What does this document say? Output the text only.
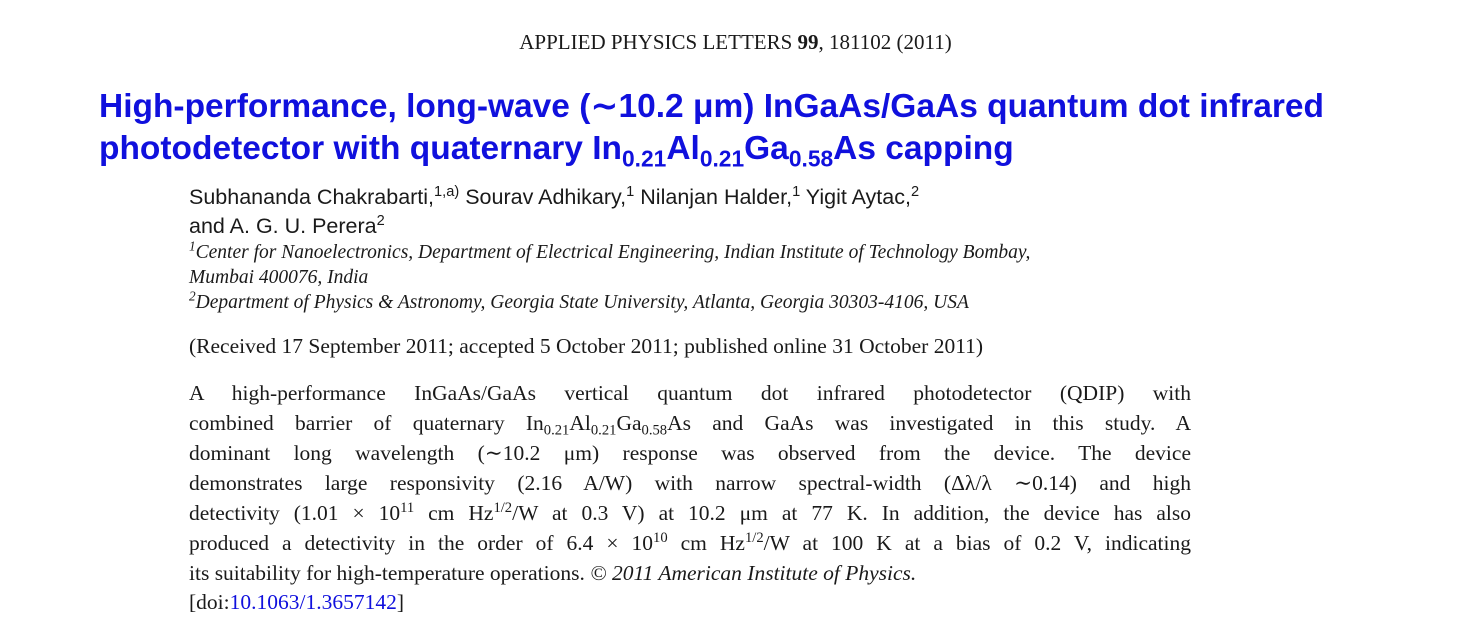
APPLIED PHYSICS LETTERS 99, 181102 (2011)
High-performance, long-wave (∼10.2 μm) InGaAs/GaAs quantum dot infrared
photodetector with quaternary $In_{0.21}Al_{0.21}Ga_{0.58}As$ capping
Subhananda Chakrabarti,$^{1,a)}$ Sourav Adhikary,$^1$ Nilanjan Halder,$^1$ Yigit Aytac,$^2$
and A. G. U. Perera$^2$
$^1$Center for Nanoelectronics, Department of Electrical Engineering, Indian Institute of Technology Bombay,
Mumbai 400076, India
$^2$Department of Physics & Astronomy, Georgia State University, Atlanta, Georgia 30303-4106, USA
(Received 17 September 2011; accepted 5 October 2011; published online 31 October 2011)
A high-performance InGaAs/GaAs vertical quantum dot infrared photodetector (QDIP) with
combined barrier of quaternary $In_{0.21}Al_{0.21}Ga_{0.58}As$ and GaAs was investigated in this study. A
dominant long wavelength (∼10.2 μm) response was observed from the device. The device
demonstrates large responsivity (2.16 A/W) with narrow spectral-width (Δλ/λ ∼0.14) and high
detectivity ($1.01 \times 10^{11}$ cm $Hz^{1/2}/W$ at 0.3 V) at 10.2 μm at 77 K. In addition, the device has also
produced a detectivity in the order of $6.4 \times 10^{10}$ cm $Hz^{1/2}/W$ at 100 K at a bias of 0.2 V, indicating
its suitability for high-temperature operations. © 2011 American Institute of Physics.
[doi:10.1063/1.3657142]
